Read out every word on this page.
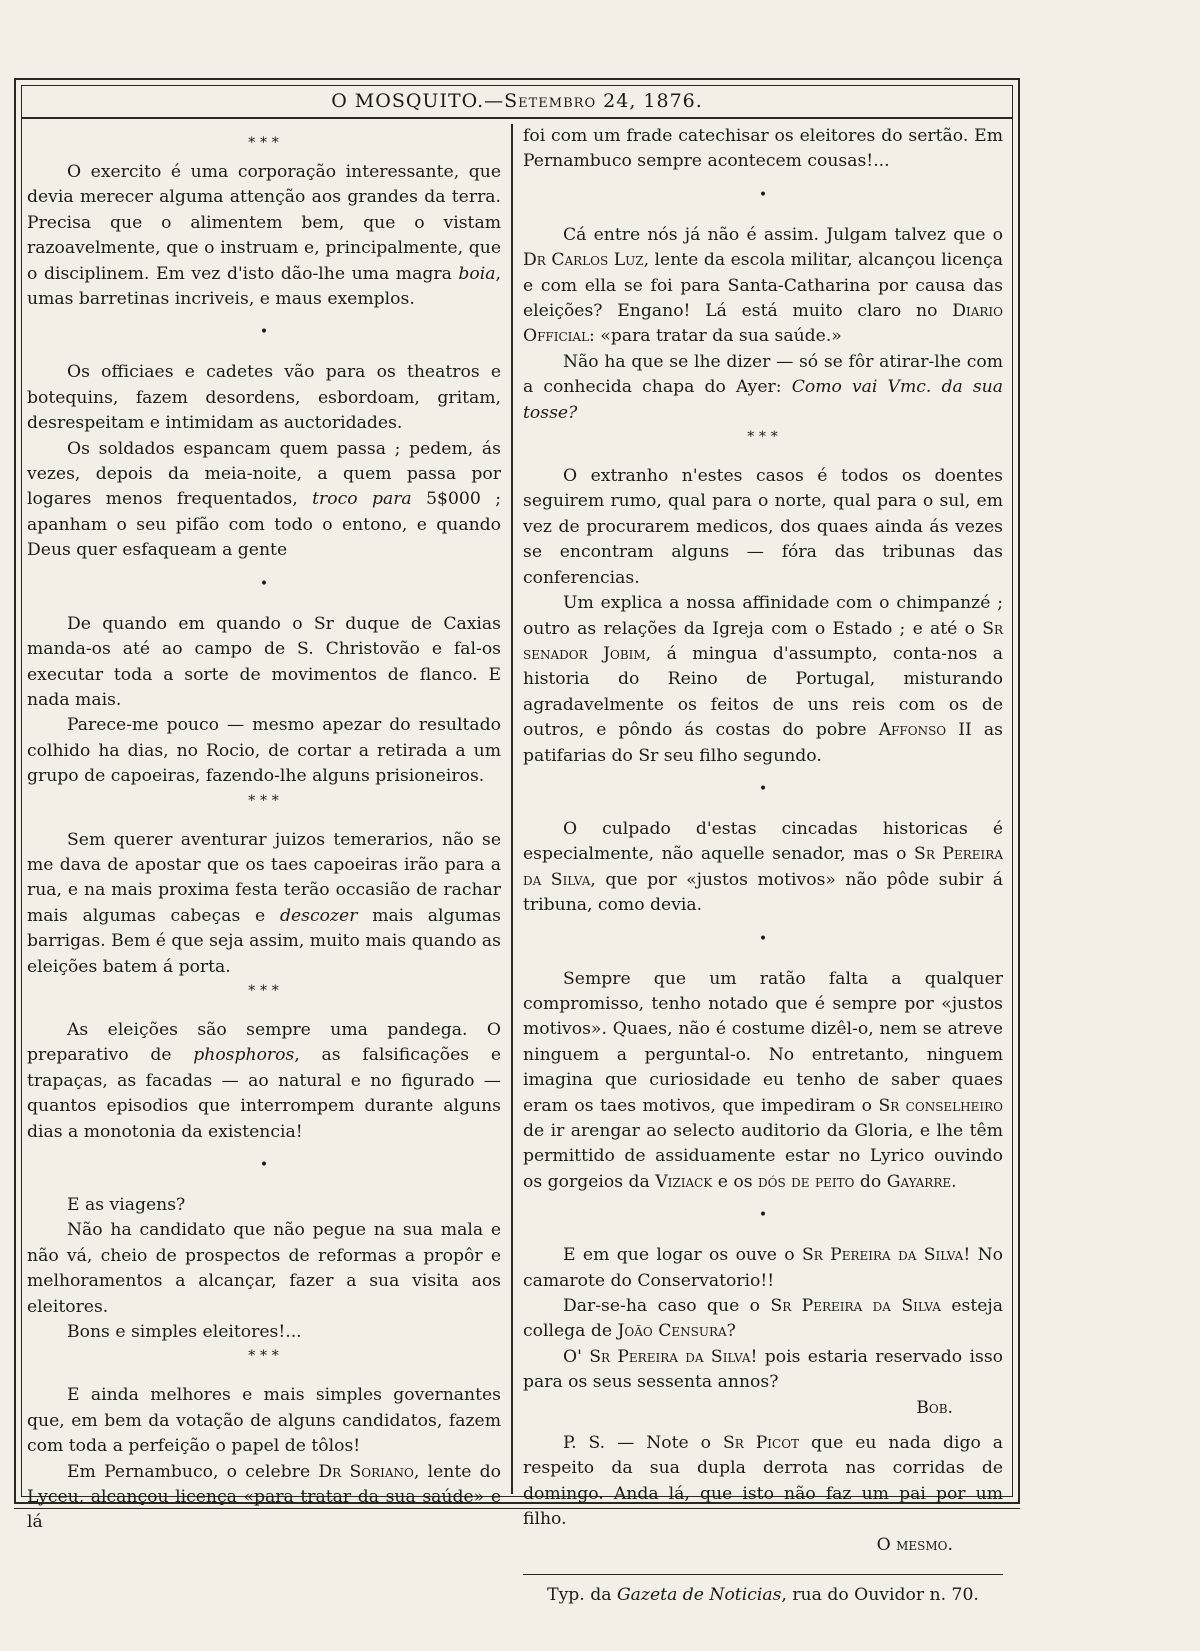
O MOSQUITO. — Setembro
24, 1876.
* * *

O exercito é uma corporação interessante, que devia merecer alguma attenção aos grandes da terra. Precisa que o alimentem bem, que o vistam razoavelmente, que o instruam e, principalmente, que o disciplinem. Em vez d'isto dão-lhe uma magra boia, umas barretinas incriveis, e maus exemplos.

•

Os officiaes e cadetes vão para os theatros e botequins, fazem desordens, esbordoam, gritam, desrespeitam e intimidam as auctoridades.

Os soldados espancam quem passa ; pedem, ás vezes, depois da meia-noite, a quem passa por logares menos frequentados, troco para 5$000 ; apanham o seu pifão com todo o entono, e quando Deus quer esfaqueam a gente

•

De quando em quando o Sr duque de Caxias manda-os até ao campo de S. Christovão e fal-os executar toda a sorte de movimentos de flanco. E nada mais.

Parece-me pouco — mesmo apezar do resultado colhido ha dias, no Rocio, de cortar a retirada a um grupo de capoeiras, fazendo-lhe alguns prisioneiros.

* * *

Sem querer aventurar juizos temerarios, não se me dava de apostar que os taes capoeiras irão para a rua, e na mais proxima festa terão occasião de rachar mais algumas cabeças e descozer mais algumas barrigas. Bem é que seja assim, muito mais quando as eleições batem á porta.

* * *

As eleições são sempre uma pandega. O preparativo de phosphoros, as falsificações e trapaças, as facadas — ao natural e no figurado — quantos episodios que interrompem durante alguns dias a monotonia da existencia!

•

E as viagens?

Não ha candidato que não pegue na sua mala e não vá, cheio de prospectos de reformas a propôr e melhoramentos a alcançar, fazer a sua visita aos eleitores.

Bons e simples eleitores!...

* * *

E ainda melhores e mais simples governantes que, em bem da votação de alguns candidatos, fazem com toda a perfeição o papel de tôlos!

Em Pernambuco, o celebre Dr Soriano, lente do Lyceu, alcançou licença «para tratar da sua saúde» e lá

foi com um frade catechisar os eleitores do sertão. Em Pernambuco sempre acontecem cousas!...

•

Cá entre nós já não é assim. Julgam talvez que o Dr Carlos Luz, lente da escola militar, alcançou licença e com ella se foi para Santa-Catharina por causa das eleições? Engano! Lá está muito claro no Diario Official: «para tratar da sua saúde.»

Não ha que se lhe dizer — só se fôr atirar-lhe com a conhecida chapa do Ayer: Como vai Vmc. da sua tosse?

* * *

O extranho n'estes casos é todos os doentes seguirem rumo, qual para o norte, qual para o sul, em vez de procurarem medicos, dos quaes ainda ás vezes se encontram alguns — fóra das tribunas das conferencias.

Um explica a nossa affinidade com o chimpanzé ; outro as relações da Igreja com o Estado ; e até o Sr senador Jobim, á mingua d'assumpto, conta-nos a historia do Reino de Portugal, misturando agradavelmente os feitos de uns reis com os de outros, e pôndo ás costas do pobre Affonso II as patifarias do Sr seu filho segundo.

•

O culpado d'estas cincadas historicas é especialmente, não aquelle senador, mas o Sr Pereira da Silva, que por «justos motivos» não pôde subir á tribuna, como devia.

•

Sempre que um ratão falta a qualquer compromisso, tenho notado que é sempre por «justos motivos». Quaes, não é costume dizêl-o, nem se atreve ninguem a perguntal-o. No entretanto, ninguem imagina que curiosidade eu tenho de saber quaes eram os taes motivos, que impediram o Sr conselheiro de ir arengar ao selecto auditorio da Gloria, e lhe têm permittido de assiduamente estar no Lyrico ouvindo os gorgeios da Viziack e os dós de peito do Gayarre.

•

E em que logar os ouve o Sr Pereira da Silva! No camarote do Conservatorio!!

Dar-se-ha caso que o Sr Pereira da Silva esteja collega de João Censura?

O' Sr Pereira da Silva! pois estaria reservado isso para os seus sessenta annos?

Bob.

P. S. — Note o Sr Picot que eu nada digo a respeito da sua dupla derrota nas corridas de domingo. Anda lá, que isto não faz um pai por um filho.

O mesmo.

Typ. da Gazeta de Noticias, rua do Ouvidor n. 70.
